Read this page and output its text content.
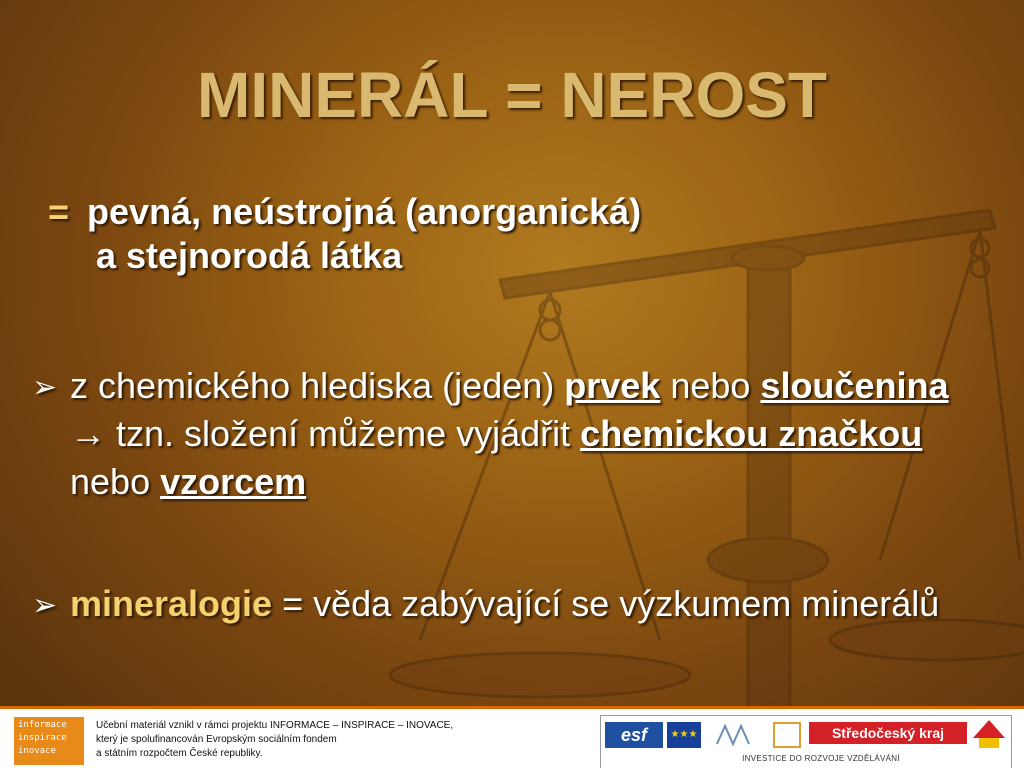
MINERÁL = NEROST
= pevná, neústrojná (anorganická)
a stejnorodá látka
➢ z chemického hlediska (jeden) prvek nebo sloučenina → tzn. složení můžeme vyjádřit chemickou značkou nebo vzorcem
➢ mineralogie = věda zabývající se výzkumem minerálů
informace inspirace inovace
Učební materiál vznikl v rámci projektu INFORMACE – INSPIRACE – INOVACE,
který je spolufinancován Evropským sociálním fondem
a státním rozpočtem České republiky.
esf	★★★	Středočeský kraj
INVESTICE DO ROZVOJE VZDĚLÁVÁNÍ
